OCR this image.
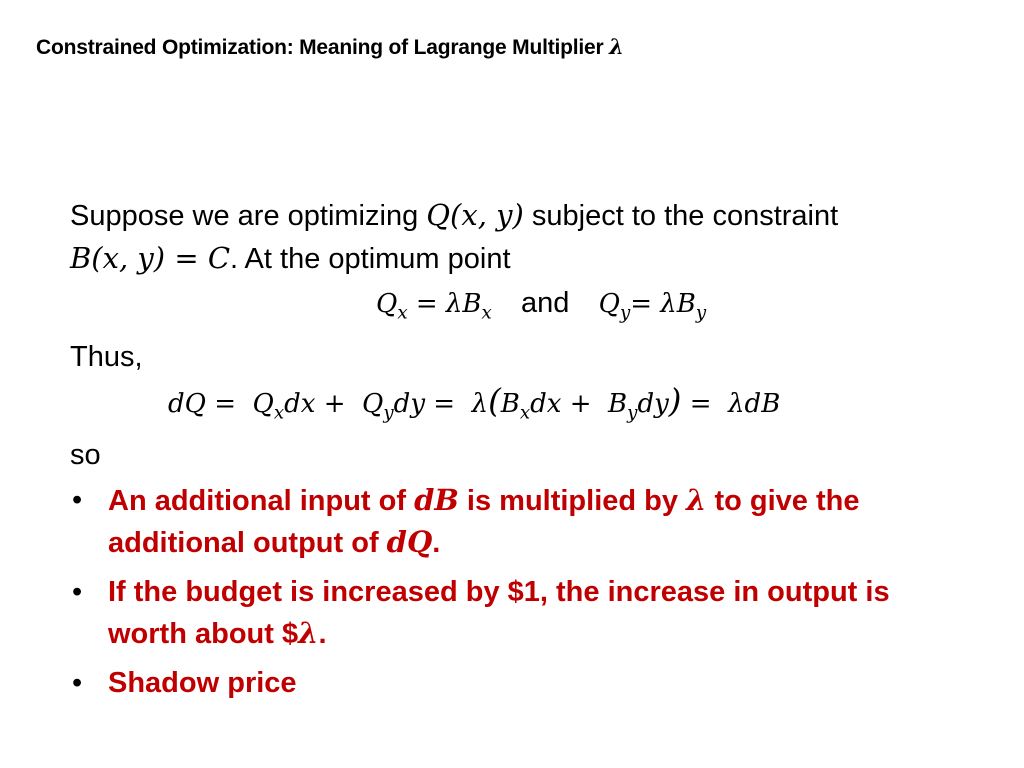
Constrained Optimization: Meaning of Lagrange Multiplier λ
Suppose we are optimizing Q(x, y) subject to the constraint
B(x, y) = C. At the optimum point
$Q_x = \lambda B_x$ and $Q_y= \lambda B_y$
Thus,
dQ =  $Q_xdx + Q_ydy = \lambda(B_xdx + B_ydy) = \lambda dB$
so
• An additional input of dB is multiplied by λ to give the additional output of dQ.
• If the budget is increased by $1, the increase in output is worth about $λ.
• Shadow price
